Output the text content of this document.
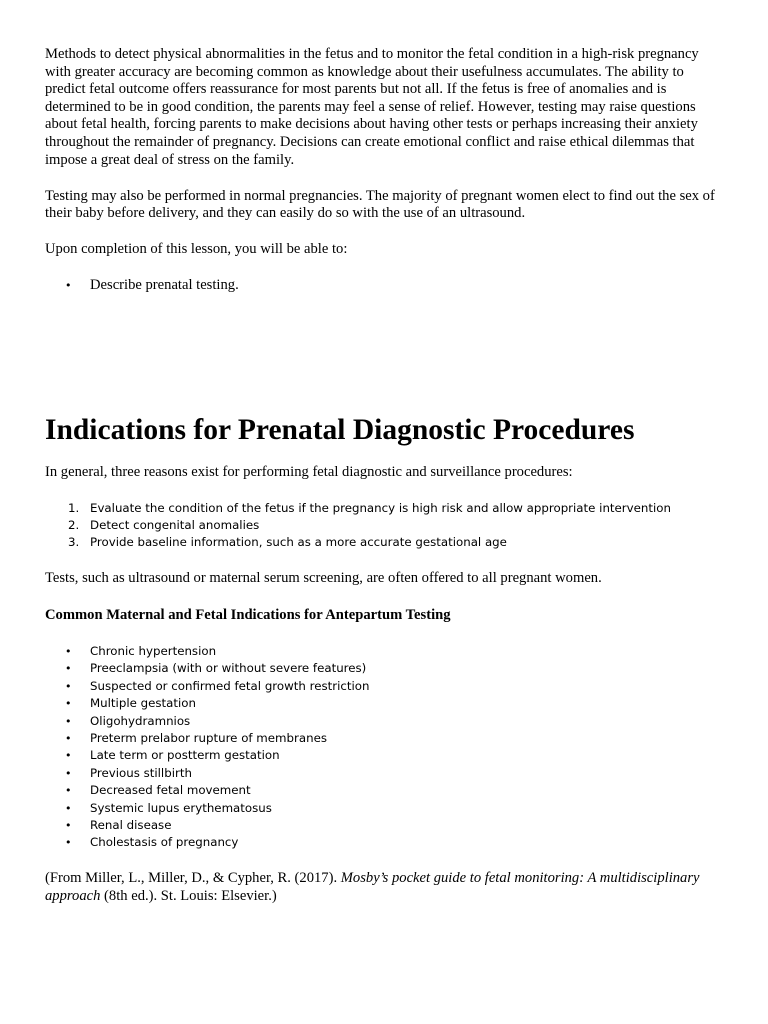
Methods to detect physical abnormalities in the fetus and to monitor the fetal condition in a high-risk pregnancy with greater accuracy are becoming common as knowledge about their usefulness accumulates. The ability to predict fetal outcome offers reassurance for most parents but not all. If the fetus is free of anomalies and is determined to be in good condition, the parents may feel a sense of relief. However, testing may raise questions about fetal health, forcing parents to make decisions about having other tests or perhaps increasing their anxiety throughout the remainder of pregnancy. Decisions can create emotional conflict and raise ethical dilemmas that impose a great deal of stress on the family.

Testing may also be performed in normal pregnancies. The majority of pregnant women elect to find out the sex of their baby before delivery, and they can easily do so with the use of an ultrasound.

Upon completion of this lesson, you will be able to:

• Describe prenatal testing.
Indications for Prenatal Diagnostic Procedures

In general, three reasons exist for performing fetal diagnostic and surveillance procedures:

1. Evaluate the condition of the fetus if the pregnancy is high risk and allow appropriate intervention
2. Detect congenital anomalies
3. Provide baseline information, such as a more accurate gestational age

Tests, such as ultrasound or maternal serum screening, are often offered to all pregnant women.

Common Maternal and Fetal Indications for Antepartum Testing

• Chronic hypertension
• Preeclampsia (with or without severe features)
• Suspected or confirmed fetal growth restriction
• Multiple gestation
• Oligohydramnios
• Preterm prelabor rupture of membranes
• Late term or postterm gestation
• Previous stillbirth
• Decreased fetal movement
• Systemic lupus erythematosus
• Renal disease
• Cholestasis of pregnancy

(From Miller, L., Miller, D., & Cypher, R. (2017). Mosby’s pocket guide to fetal monitoring: A multidisciplinary approach (8th ed.). St. Louis: Elsevier.)
